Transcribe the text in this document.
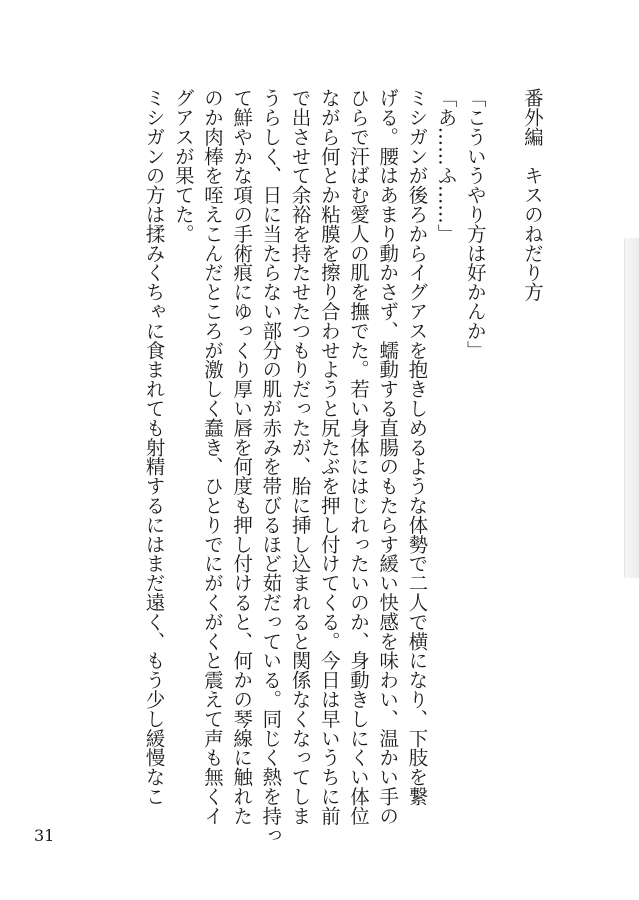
番外編　キスのねだり方
「こういうやり方は好かんか」
「あ……ふ……」
ミシガンが後ろからイグアスを抱きしめるような体勢で二人で横になり、下肢を繋
げる。腰はあまり動かさず、蠕動する直腸のもたらす緩い快感を味わい、温かい手の
ひらで汗ばむ愛人の肌を撫でた。若い身体にはじれったいのか、身動きしにくい体位
ながら何とか粘膜を擦り合わせようと尻たぶを押し付けてくる。今日は早いうちに前
で出させて余裕を持たせたつもりだったが、胎に挿し込まれると関係なくなってしま
うらしく、日に当たらない部分の肌が赤みを帯びるほど茹だっている。同じく熱を持っ
て鮮やかな項の手術痕にゆっくり厚い唇を何度も押し付けると、何かの琴線に触れた
のか肉棒を咥えこんだところが激しく蠢き、ひとりでにがくがくと震えて声も無くイ
グアスが果てた。
ミシガンの方は揉みくちゃに食まれても射精するにはまだ遠く、もう少し緩慢なこ
31
